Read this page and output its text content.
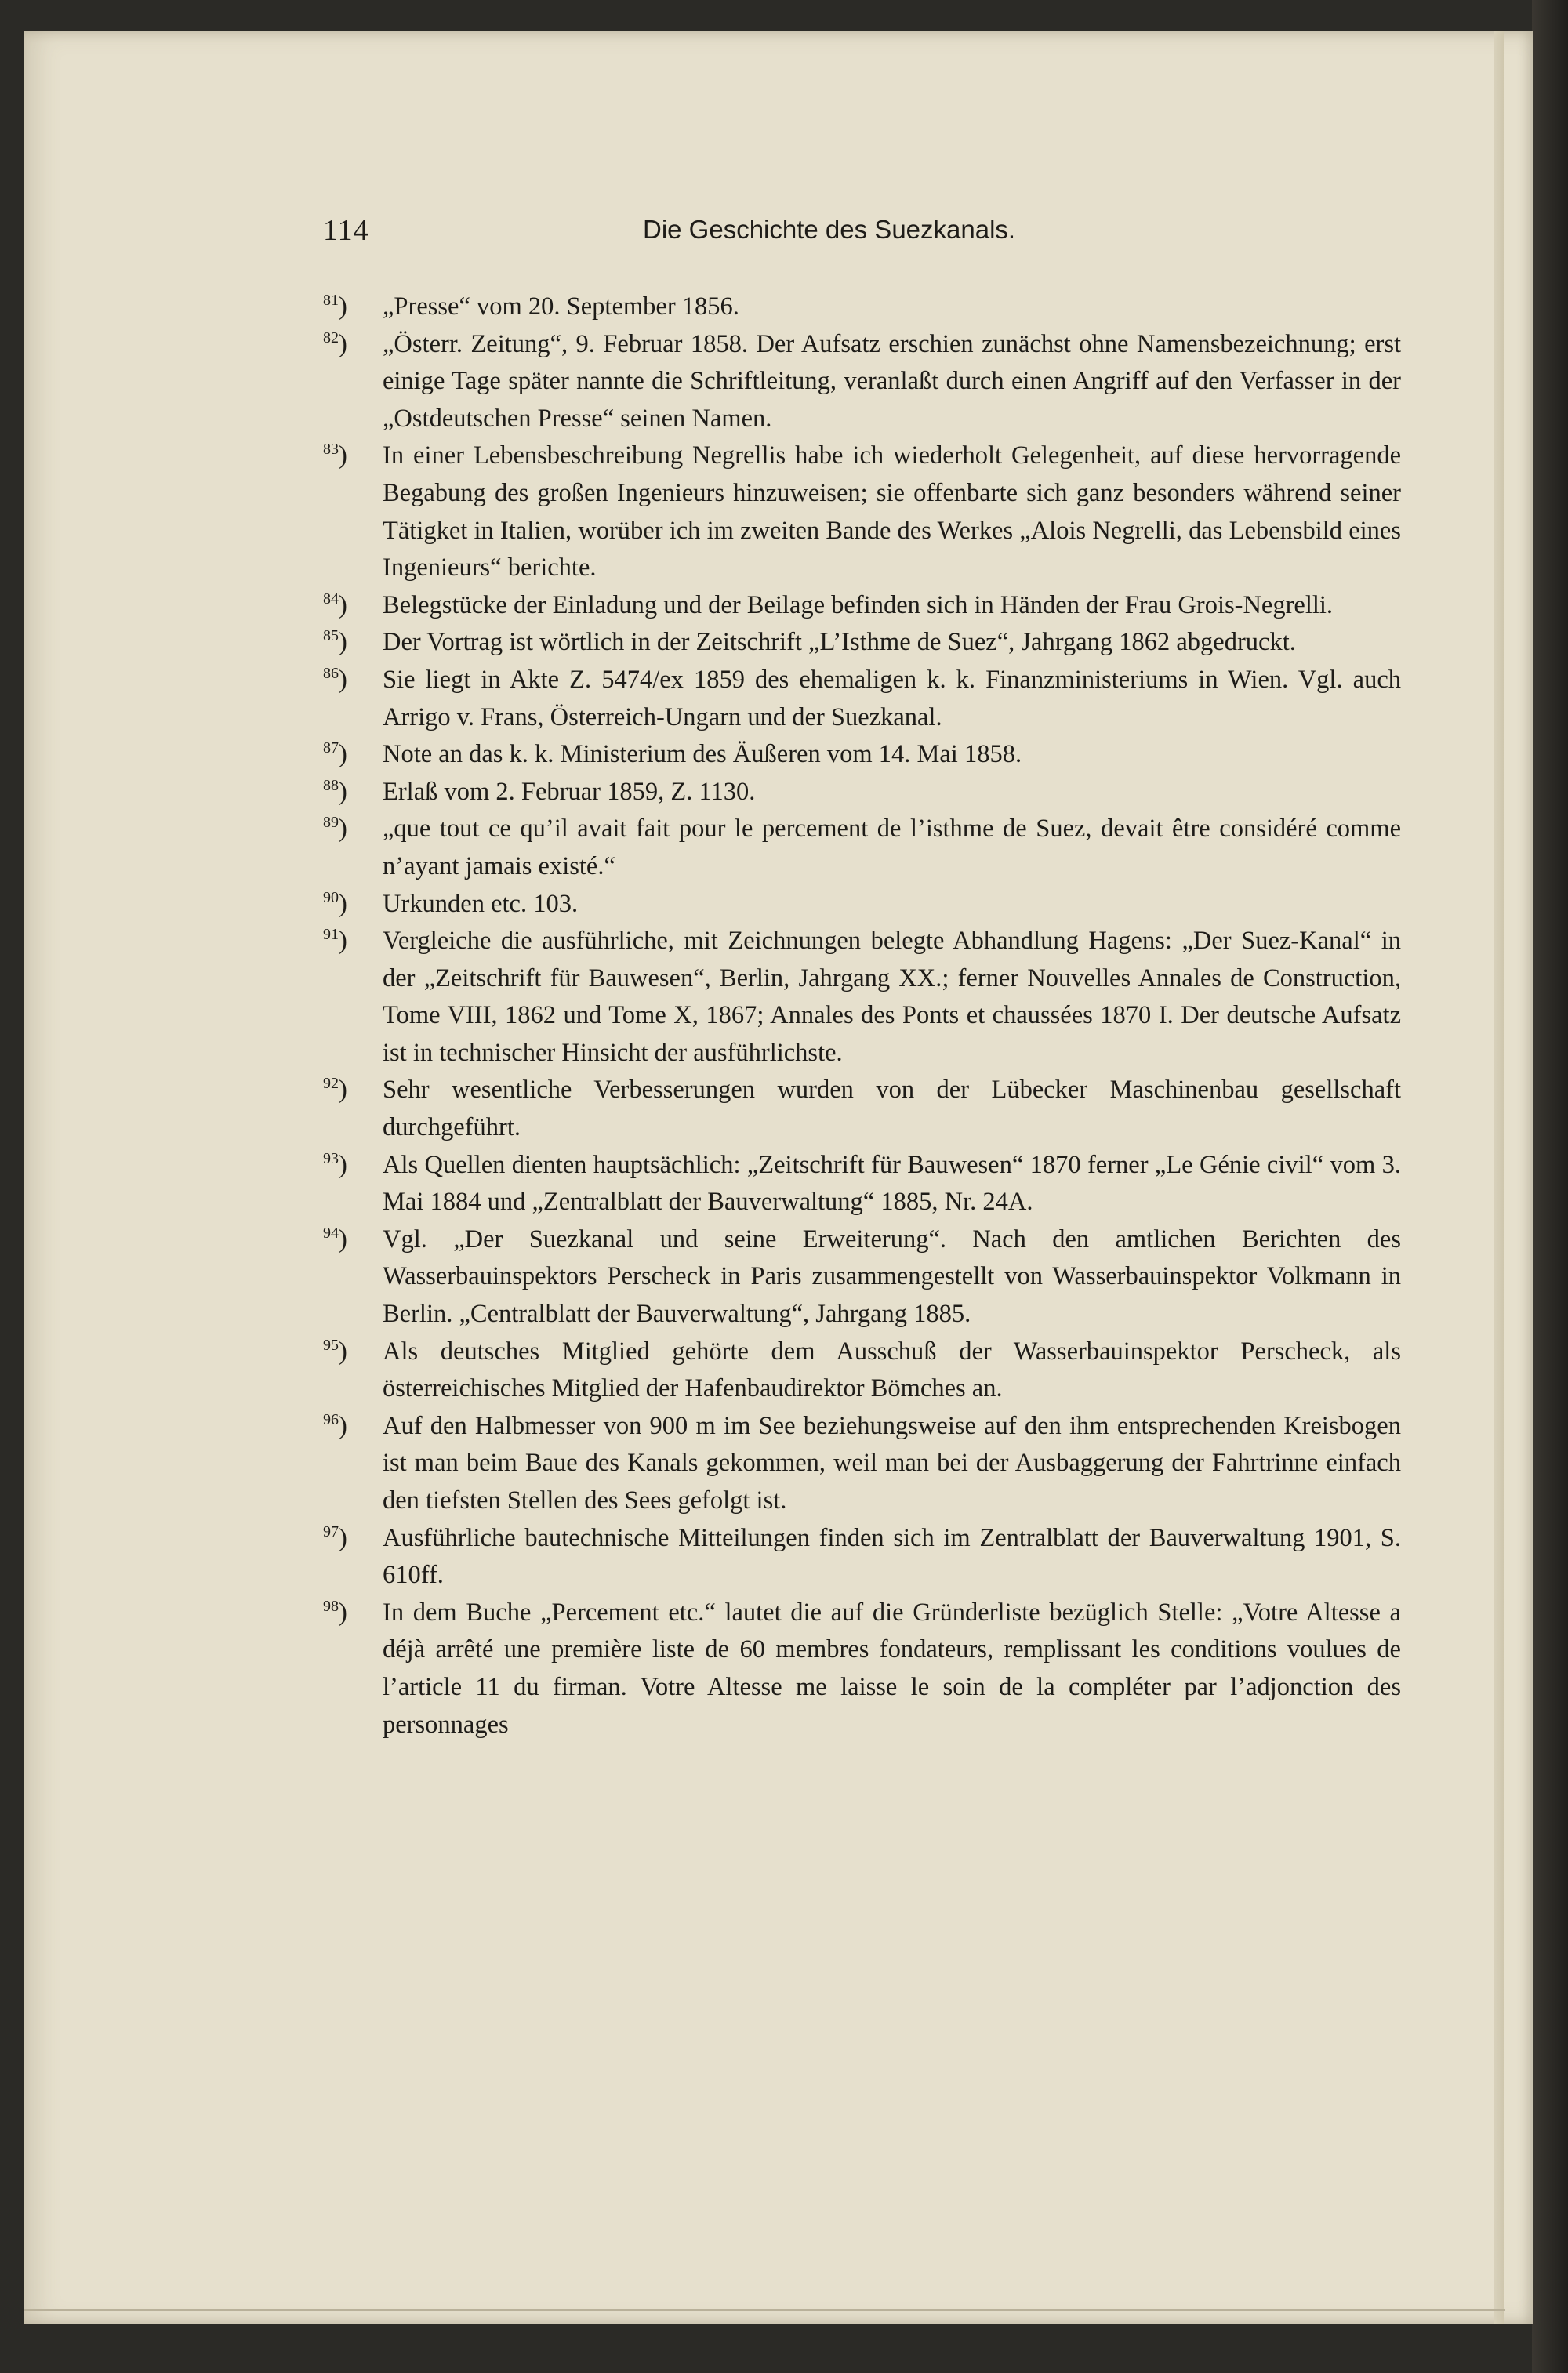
114	Die Geschichte des Suezkanals.
$^{81}$)	„Presse“ vom 20. September 1856.
$^{82}$)	„Österr. Zeitung“, 9. Februar 1858. Der Aufsatz erschien zunächst ohne Namensbezeichnung; erst einige Tage später nannte die Schriftleitung, veranlaßt durch einen Angriff auf den Verfasser in der „Ostdeutschen Presse“ seinen Namen.
$^{83}$)	In einer Lebensbeschreibung Negrellis habe ich wiederholt Gelegenheit, auf diese hervorragende Begabung des großen Ingenieurs hinzuweisen; sie offenbarte sich ganz besonders während seiner Tätigket in Italien, worüber ich im zweiten Bande des Werkes „Alois Negrelli, das Lebensbild eines Ingenieurs“ berichte.
$^{84}$)	Belegstücke der Einladung und der Beilage befinden sich in Händen der Frau Grois-Negrelli.
$^{85}$)	Der Vortrag ist wörtlich in der Zeitschrift „L’Isthme de Suez“, Jahrgang 1862 abgedruckt.
$^{86}$)	Sie liegt in Akte Z. 5474/ex 1859 des ehemaligen k. k. Finanzministeriums in Wien. Vgl. auch Arrigo v. Frans, Österreich-Ungarn und der Suezkanal.
$^{87}$)	Note an das k. k. Ministerium des Äußeren vom 14. Mai 1858.
$^{88}$)	Erlaß vom 2. Februar 1859, Z. 1130.
$^{89}$)	„que tout ce qu’il avait fait pour le percement de l’isthme de Suez, devait être considéré comme n’ayant jamais existé.“
$^{90}$)	Urkunden etc. 103.
$^{91}$)	Vergleiche die ausführliche, mit Zeichnungen belegte Abhandlung Hagens: „Der Suez-Kanal“ in der „Zeitschrift für Bauwesen“, Berlin, Jahrgang XX.; ferner Nouvelles Annales de Construction, Tome VIII, 1862 und Tome X, 1867; Annales des Ponts et chaussées 1870 I. Der deutsche Aufsatz ist in technischer Hinsicht der ausführlichste.
$^{92}$)	Sehr wesentliche Verbesserungen wurden von der Lübecker Maschinenbau gesellschaft durchgeführt.
$^{93}$)	Als Quellen dienten hauptsächlich: „Zeitschrift für Bauwesen“ 1870 ferner „Le Génie civil“ vom 3. Mai 1884 und „Zentralblatt der Bauverwaltung“ 1885, Nr. 24A.
$^{94}$)	Vgl. „Der Suezkanal und seine Erweiterung“. Nach den amtlichen Berichten des Wasserbauinspektors Perscheck in Paris zusammengestellt von Wasserbauinspektor Volkmann in Berlin. „Centralblatt der Bauverwaltung“, Jahrgang 1885.
$^{95}$)	Als deutsches Mitglied gehörte dem Ausschuß der Wasserbauinspektor Perscheck, als österreichisches Mitglied der Hafenbaudirektor Bömches an.
$^{96}$)	Auf den Halbmesser von 900 m im See beziehungsweise auf den ihm entsprechenden Kreisbogen ist man beim Baue des Kanals gekommen, weil man bei der Ausbaggerung der Fahrtrinne einfach den tiefsten Stellen des Sees gefolgt ist.
$^{97}$)	Ausführliche bautechnische Mitteilungen finden sich im Zentralblatt der Bauverwaltung 1901, S. 610ff.
$^{98}$)	In dem Buche „Percement etc.“ lautet die auf die Gründerliste bezüglich Stelle: „Votre Altesse a déjà arrêté une première liste de 60 membres fondateurs, remplissant les conditions voulues de l’article 11 du firman. Votre Altesse me laisse le soin de la compléter par l’adjonction des personnages
